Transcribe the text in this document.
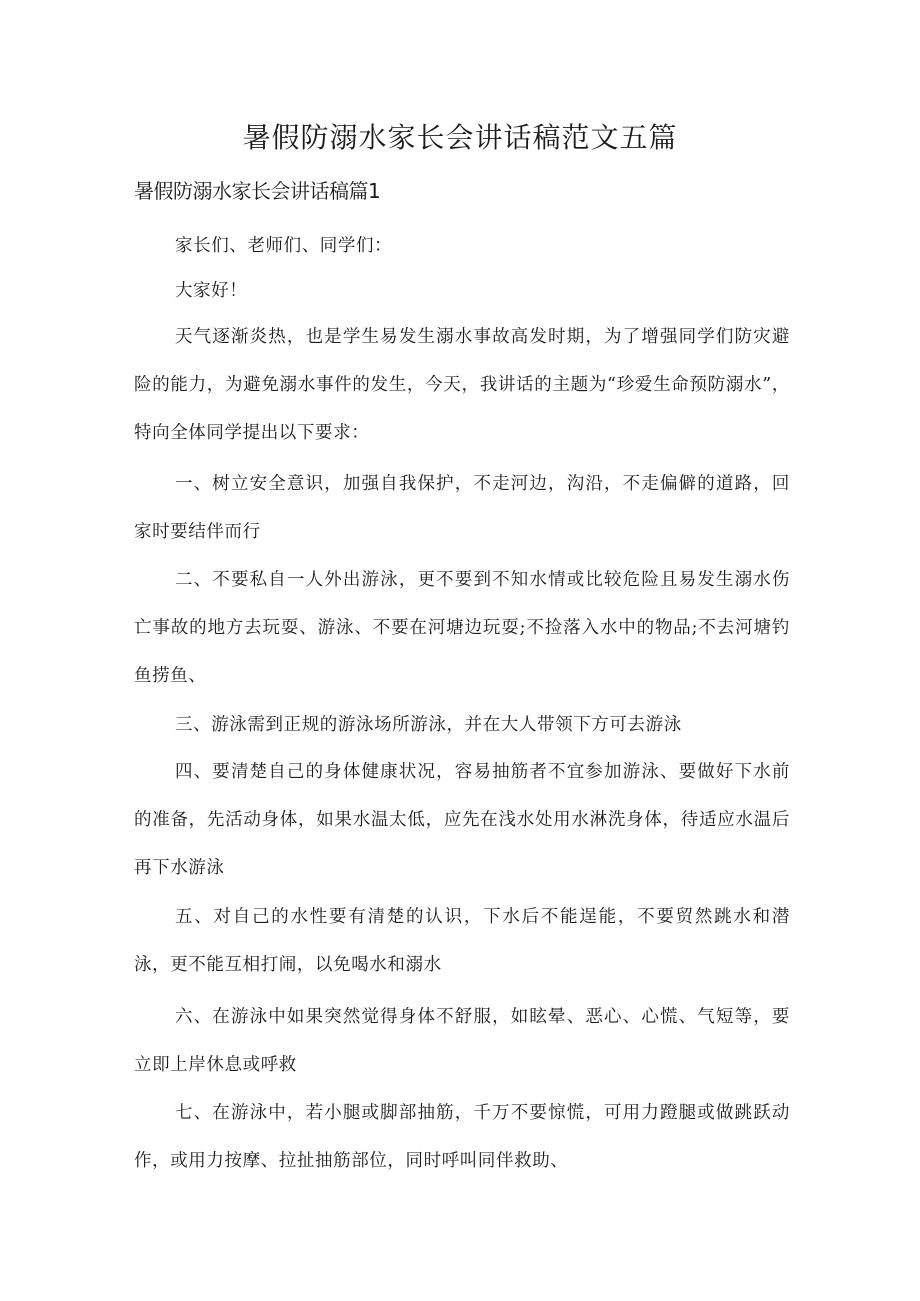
暑假防溺水家长会讲话稿范文五篇
暑假防溺水家长会讲话稿篇1

家长们、老师们、同学们：

大家好！

天气逐渐炎热，也是学生易发生溺水事故高发时期，为了增强同学们防灾避险的能力，为避免溺水事件的发生，今天，我讲话的主题为“珍爱生命预防溺水”，特向全体同学提出以下要求：

一、树立安全意识，加强自我保护，不走河边，沟沿，不走偏僻的道路，回家时要结伴而行

二、不要私自一人外出游泳，更不要到不知水情或比较危险且易发生溺水伤亡事故的地方去玩耍、游泳、不要在河塘边玩耍;不捡落入水中的物品;不去河塘钓鱼捞鱼、

三、游泳需到正规的游泳场所游泳，并在大人带领下方可去游泳

四、要清楚自己的身体健康状况，容易抽筋者不宜参加游泳、要做好下水前的准备，先活动身体，如果水温太低，应先在浅水处用水淋洗身体，待适应水温后再下水游泳

五、对自己的水性要有清楚的认识，下水后不能逞能，不要贸然跳水和潜泳，更不能互相打闹，以免喝水和溺水

六、在游泳中如果突然觉得身体不舒服，如眩晕、恶心、心慌、气短等，要立即上岸休息或呼救

七、在游泳中，若小腿或脚部抽筋，千万不要惊慌，可用力蹬腿或做跳跃动作，或用力按摩、拉扯抽筋部位，同时呼叫同伴救助、
